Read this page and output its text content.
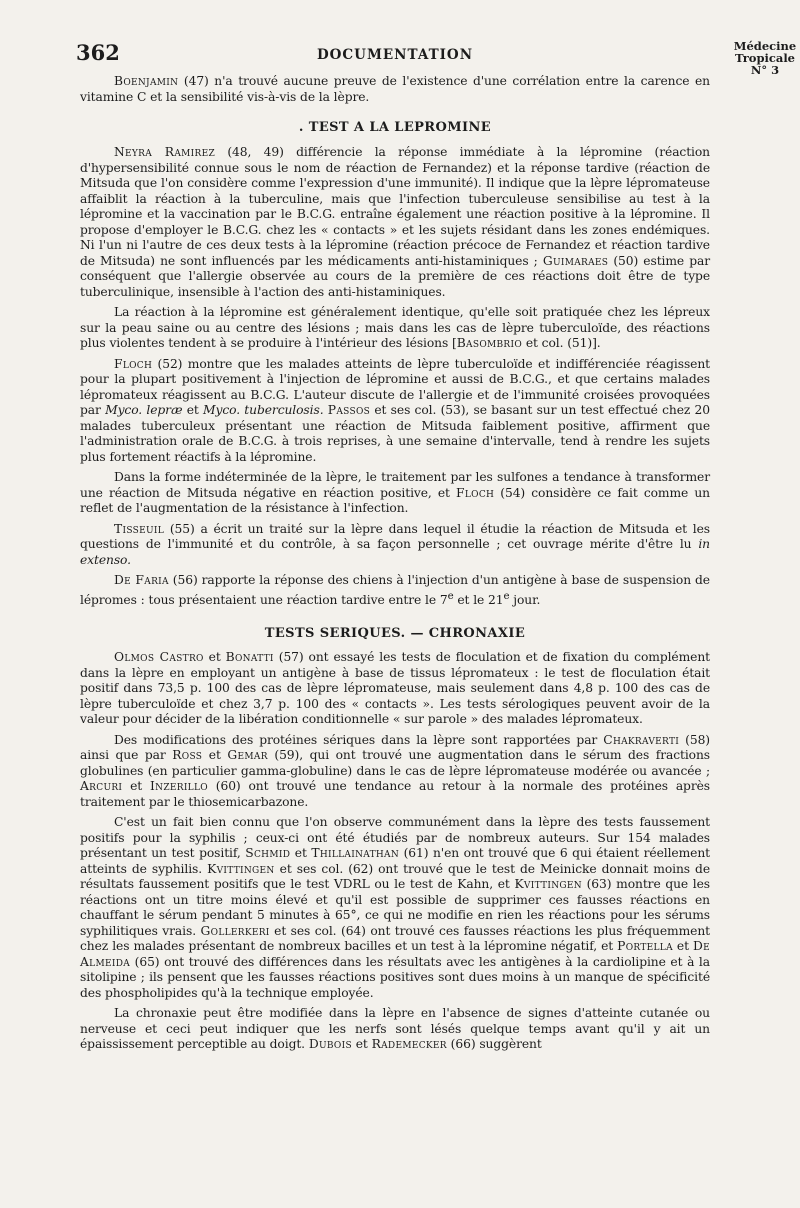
Médecine
Tropicale
N° 3
362	DOCUMENTATION

Boenjamin (47) n'a trouvé aucune preuve de l'existence d'une corrélation entre la carence en vitamine C et la sensibilité vis-à-vis de la lèpre.

. TEST A LA LEPROMINE

Neyra Ramirez (48, 49) différencie la réponse immédiate à la lépromine (réaction d'hypersensibilité connue sous le nom de réaction de Fernandez) et la réponse tardive (réaction de Mitsuda que l'on considère comme l'expression d'une immunité). Il indique que la lèpre lépromateuse affaiblit la réaction à la tuberculine, mais que l'infection tuberculeuse sensibilise au test à la lépromine et la vaccination par le B.C.G. entraîne également une réaction positive à la lépromine. Il propose d'employer le B.C.G. chez les « contacts » et les sujets résidant dans les zones endémiques. Ni l'un ni l'autre de ces deux tests à la lépromine (réaction précoce de Fernandez et réaction tardive de Mitsuda) ne sont influencés par les médicaments anti-histaminiques ; Guimaraes (50) estime par conséquent que l'allergie observée au cours de la première de ces réactions doit être de type tuberculinique, insensible à l'action des anti-histaminiques.

La réaction à la lépromine est généralement identique, qu'elle soit pratiquée chez les lépreux sur la peau saine ou au centre des lésions ; mais dans les cas de lèpre tuberculoïde, des réactions plus violentes tendent à se produire à l'intérieur des lésions [Basombrio et col. (51)].

Floch (52) montre que les malades atteints de lèpre tuberculoïde et indifférenciée réagissent pour la plupart positivement à l'injection de lépromine et aussi de B.C.G., et que certains malades lépromateux réagissent au B.C.G. L'auteur discute de l'allergie et de l'immunité croisées provoquées par Myco. lepræ et Myco. tuberculosis. Passos et ses col. (53), se basant sur un test effectué chez 20 malades tuberculeux présentant une réaction de Mitsuda faiblement positive, affirment que l'administration orale de B.C.G. à trois reprises, à une semaine d'intervalle, tend à rendre les sujets plus fortement réactifs à la lépromine.

Dans la forme indéterminée de la lèpre, le traitement par les sulfones a tendance à transformer une réaction de Mitsuda négative en réaction positive, et Floch (54) considère ce fait comme un reflet de l'augmentation de la résistance à l'infection.

Tisseuil (55) a écrit un traité sur la lèpre dans lequel il étudie la réaction de Mitsuda et les questions de l'immunité et du contrôle, à sa façon personnelle ; cet ouvrage mérite d'être lu in extenso.

De Faria (56) rapporte la réponse des chiens à l'injection d'un antigène à base de suspension de lépromes : tous présentaient une réaction tardive entre le 7e et le 21e jour.

TESTS SERIQUES. — CHRONAXIE

Olmos Castro et Bonatti (57) ont essayé les tests de floculation et de fixation du complément dans la lèpre en employant un antigène à base de tissus lépromateux : le test de floculation était positif dans 73,5 p. 100 des cas de lèpre lépromateuse, mais seulement dans 4,8 p. 100 des cas de lèpre tuberculoïde et chez 3,7 p. 100 des « contacts ». Les tests sérologiques peuvent avoir de la valeur pour décider de la libération conditionnelle « sur parole » des malades lépromateux.

Des modifications des protéines sériques dans la lèpre sont rapportées par Chakraverti (58) ainsi que par Ross et Gemar (59), qui ont trouvé une augmentation dans le sérum des fractions globulines (en particulier gamma-globuline) dans le cas de lèpre lépromateuse modérée ou avancée ; Arcuri et Inzerillo (60) ont trouvé une tendance au retour à la normale des protéines après traitement par le thiosemicarbazone.

C'est un fait bien connu que l'on observe communément dans la lèpre des tests faussement positifs pour la syphilis ; ceux-ci ont été étudiés par de nombreux auteurs. Sur 154 malades présentant un test positif, Schmid et Thillainathan (61) n'en ont trouvé que 6 qui étaient réellement atteints de syphilis. Kvittingen et ses col. (62) ont trouvé que le test de Meinicke donnait moins de résultats faussement positifs que le test VDRL ou le test de Kahn, et Kvittingen (63) montre que les réactions ont un titre moins élevé et qu'il est possible de supprimer ces fausses réactions en chauffant le sérum pendant 5 minutes à 65°, ce qui ne modifie en rien les réactions pour les sérums syphilitiques vrais. Gollerkeri et ses col. (64) ont trouvé ces fausses réactions les plus fréquemment chez les malades présentant de nombreux bacilles et un test à la lépromine négatif, et Portella et De Almeida (65) ont trouvé des différences dans les résultats avec les antigènes à la cardiolipine et à la sitolipine ; ils pensent que les fausses réactions positives sont dues moins à un manque de spécificité des phospholipides qu'à la technique employée.

La chronaxie peut être modifiée dans la lèpre en l'absence de signes d'atteinte cutanée ou nerveuse et ceci peut indiquer que les nerfs sont lésés quelque temps avant qu'il y ait un épaississement perceptible au doigt. Dubois et Rademecker (66) suggèrent
